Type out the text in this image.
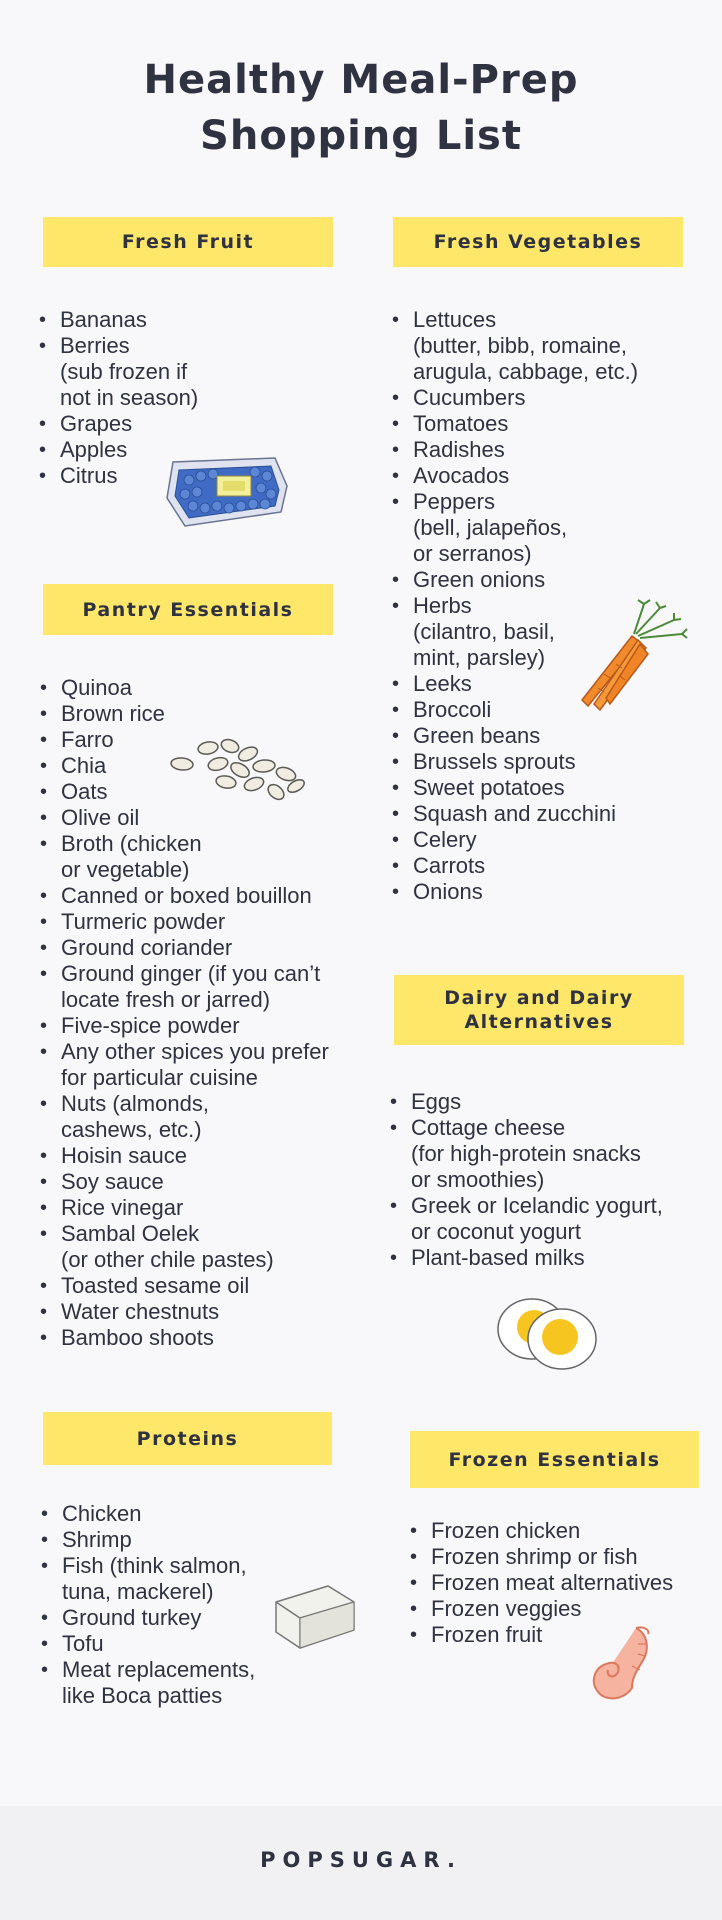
Healthy Meal-Prep
Shopping List
Fresh Fruit	Fresh Vegetables
Pantry Essentials
Dairy and Dairy
Alternatives
Proteins
Frozen Essentials
• Bananas
• Berries
(sub frozen if
not in season)
• Grapes
• Apples
• Citrus
• Lettuces
(butter, bibb, romaine,
arugula, cabbage, etc.)
• Cucumbers
• Tomatoes
• Radishes
• Avocados
• Peppers
(bell, jalapeños,
or serranos)
• Green onions
• Herbs
(cilantro, basil,
mint, parsley)
• Leeks
• Broccoli
• Green beans
• Brussels sprouts
• Sweet potatoes
• Squash and zucchini
• Celery
• Carrots
• Onions
• Quinoa
• Brown rice
• Farro
• Chia
• Oats
• Olive oil
• Broth (chicken
or vegetable)
• Canned or boxed bouillon
• Turmeric powder
• Ground coriander
• Ground ginger (if you can’t
locate fresh or jarred)
• Five-spice powder
• Any other spices you prefer
for particular cuisine
• Nuts (almonds,
cashews, etc.)
• Hoisin sauce
• Soy sauce
• Rice vinegar
• Sambal Oelek
(or other chile pastes)
• Toasted sesame oil
• Water chestnuts
• Bamboo shoots
• Eggs
• Cottage cheese
(for high-protein snacks
or smoothies)
• Greek or Icelandic yogurt,
or coconut yogurt
• Plant-based milks
• Chicken
• Shrimp
• Fish (think salmon,
tuna, mackerel)
• Ground turkey
• Tofu
• Meat replacements,
like Boca patties
• Frozen chicken
• Frozen shrimp or fish
• Frozen meat alternatives
• Frozen veggies
• Frozen fruit
POPSUGAR.
